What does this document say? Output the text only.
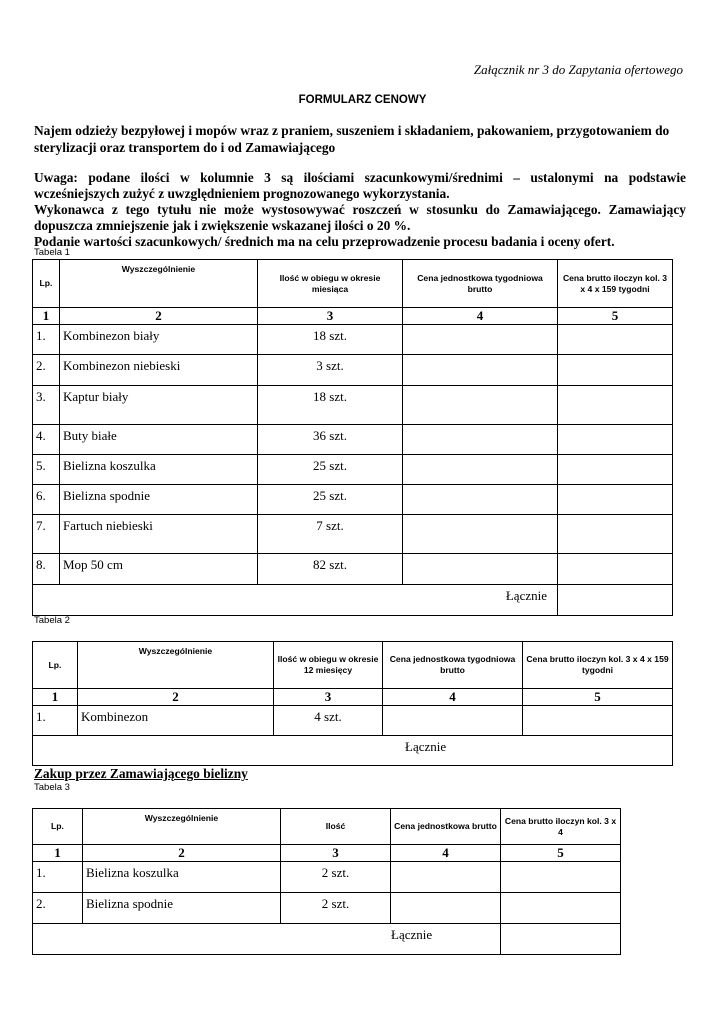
Załącznik nr 3 do Zapytania ofertowego
FORMULARZ CENOWY
Najem odzieży bezpyłowej i mopów wraz z praniem, suszeniem i składaniem, pakowaniem, przygotowaniem do sterylizacji oraz transportem do i od Zamawiającego

Uwaga: podane ilości w kolumnie 3 są ilościami szacunkowymi/średnimi – ustalonymi na podstawie wcześniejszych zużyć z uwzględnieniem prognozowanego wykorzystania.

Wykonawca z tego tytułu nie może wystosowywać roszczeń w stosunku do Zamawiającego. Zamawiający dopuszcza zmniejszenie jak i zwiększenie wskazanej ilości o 20 %.

Podanie wartości szacunkowych/ średnich ma na celu przeprowadzenie procesu badania i oceny ofert.

Tabela 1
Lp.	Wyszczególnienie	Ilość w obiegu w okresie miesiąca	Cena jednostkowa tygodniowa brutto	Cena brutto iloczyn kol. 3 x 4 x 159 tygodni
1	2	3	4	5
1.	Kombinezon biały	18 szt.		
2.	Kombinezon niebieski	3 szt.		
3.	Kaptur biały	18 szt.		
4.	Buty białe	36 szt.		
5.	Bielizna koszulka	25 szt.		
6.	Bielizna spodnie	25 szt.		
7.	Fartuch niebieski	7 szt.		
8.	Mop 50 cm	82 szt.		
Łącznie				
Tabela 2
Lp.	Wyszczególnienie	Ilość w obiegu w okresie 12 miesięcy	Cena jednostkowa tygodniowa brutto	Cena brutto iloczyn kol. 3 x 4 x 159 tygodni
1	2	3	4	5
1.	Kombinezon	4 szt.		
Łącznie				
Zakup przez Zamawiającego bielizny
Tabela 3
Lp.	Wyszczególnienie	Ilość	Cena jednostkowa brutto	Cena brutto iloczyn kol. 3 x 4
1	2	3	4	5
1.	Bielizna koszulka	2 szt.		
2.	Bielizna spodnie	2 szt.		
Łącznie				
